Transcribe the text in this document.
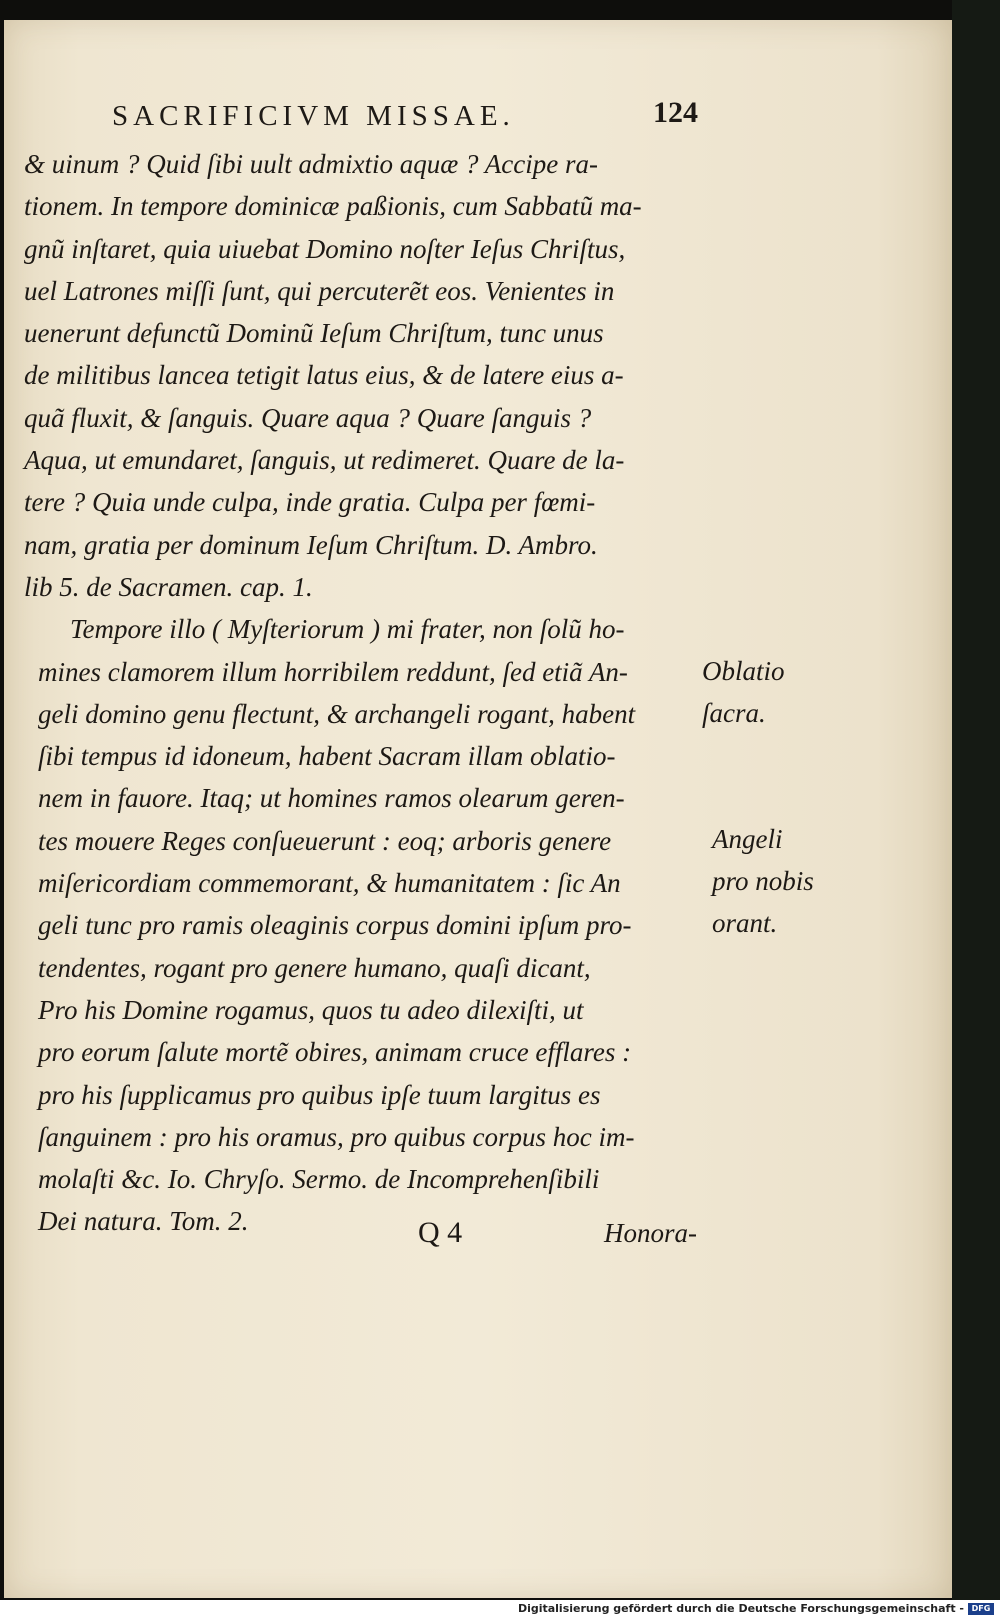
SACRIFICIVM MISSAE.	124
& uinum ? Quid ſibi uult admixtio aquæ ? Accipe ra-
tionem. In tempore dominicæ paßionis, cum Sabbatũ ma-
gnũ inſtaret, quia uiuebat Domino noſter Ieſus Chriſtus,
uel Latrones miſſi ſunt, qui percuterẽt eos. Venientes in
uenerunt defunctũ Dominũ Ieſum Chriſtum, tunc unus
de militibus lancea tetigit latus eius, & de latere eius a-
quã fluxit, & ſanguis. Quare aqua ? Quare ſanguis ?
Aqua, ut emundaret, ſanguis, ut redimeret. Quare de la-
tere ? Quia unde culpa, inde gratia. Culpa per fœmi-
nam, gratia per dominum Ieſum Chriſtum. D. Ambro.
lib 5. de Sacramen. cap. 1.
Tempore illo ( Myſteriorum ) mi frater, non ſolũ ho-
mines clamorem illum horribilem reddunt, ſed etiã An-
geli domino genu flectunt, & archangeli rogant, habent
ſibi tempus id idoneum, habent Sacram illam oblatio-
nem in fauore. Itaq; ut homines ramos olearum geren-
tes mouere Reges conſueuerunt : eoq; arboris genere
miſericordiam commemorant, & humanitatem : ſic An
geli tunc pro ramis oleaginis corpus domini ipſum pro-
tendentes, rogant pro genere humano, quaſi dicant,
Pro his Domine rogamus, quos tu adeo dilexiſti, ut
pro eorum ſalute mortẽ obires, animam cruce efflares :
pro his ſupplicamus pro quibus ipſe tuum largitus es
ſanguinem : pro his oramus, pro quibus corpus hoc im-
molaſti &c. Io. Chryſo. Sermo. de Incomprehenſibili
Dei natura. Tom. 2.
Oblatio
ſacra.
Angeli
pro nobis
orant.
Q 4	Honora-
Digitalisierung gefördert durch die Deutsche Forschungsgemeinschaft - DFG
